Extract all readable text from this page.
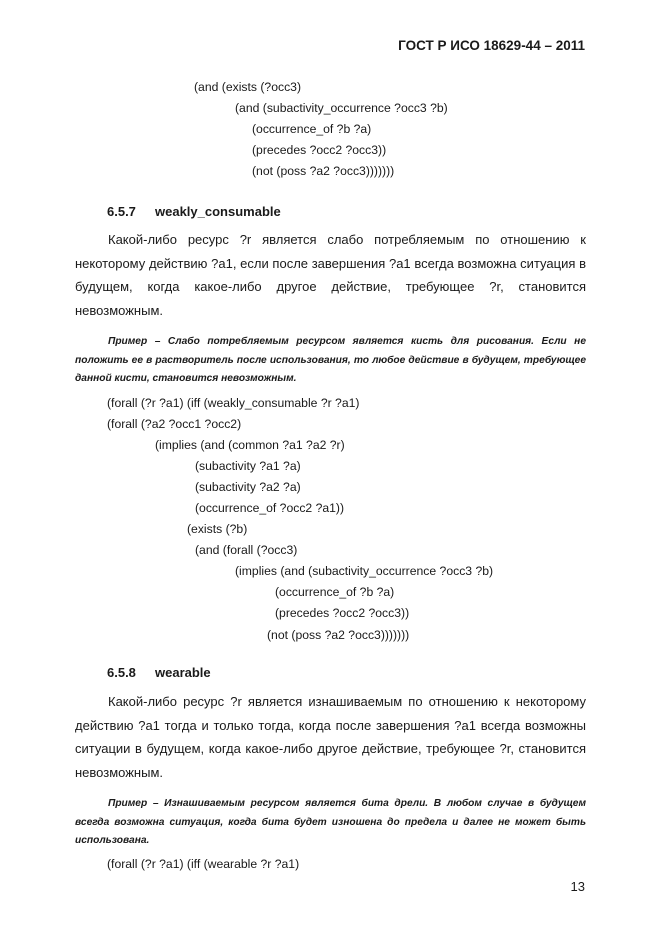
ГОСТ Р ИСО 18629-44 – 2011
(and (exists (?occ3)
(and (subactivity_occurrence ?occ3 ?b)
(occurrence_of ?b ?a)
(precedes ?occ2 ?occ3))
(not (poss ?a2 ?occ3)))))))
6.5.7 weakly_consumable
Какой-либо ресурс ?r является слабо потребляемым по отношению к некоторому действию ?a1, если после завершения ?a1 всегда возможна ситуация в будущем, когда какое-либо другое действие, требующее ?r, становится невозможным.
Пример – Слабо потребляемым ресурсом является кисть для рисования. Если не положить ее в растворитель после использования, то любое действие в будущем, требующее данной кисти, становится невозможным.
(forall (?r ?a1) (iff (weakly_consumable ?r ?a1)
(forall (?a2 ?occ1 ?occ2)
(implies (and (common ?a1 ?a2 ?r)
(subactivity ?a1 ?a)
(subactivity ?a2 ?a)
(occurrence_of ?occ2 ?a1))
(exists (?b)
(and (forall (?occ3)
(implies (and (subactivity_occurrence ?occ3 ?b)
(occurrence_of ?b ?a)
(precedes ?occ2 ?occ3))
(not (poss ?a2 ?occ3)))))))
6.5.8 wearable
Какой-либо ресурс ?r является изнашиваемым по отношению к некоторому действию ?a1 тогда и только тогда, когда после завершения ?a1 всегда возможны ситуации в будущем, когда какое-либо другое действие, требующее ?r, становится невозможным.
Пример – Изнашиваемым ресурсом является бита дрели. В любом случае в будущем всегда возможна ситуация, когда бита будет изношена до предела и далее не может быть использована.
(forall (?r ?a1) (iff (wearable ?r ?a1)
13
